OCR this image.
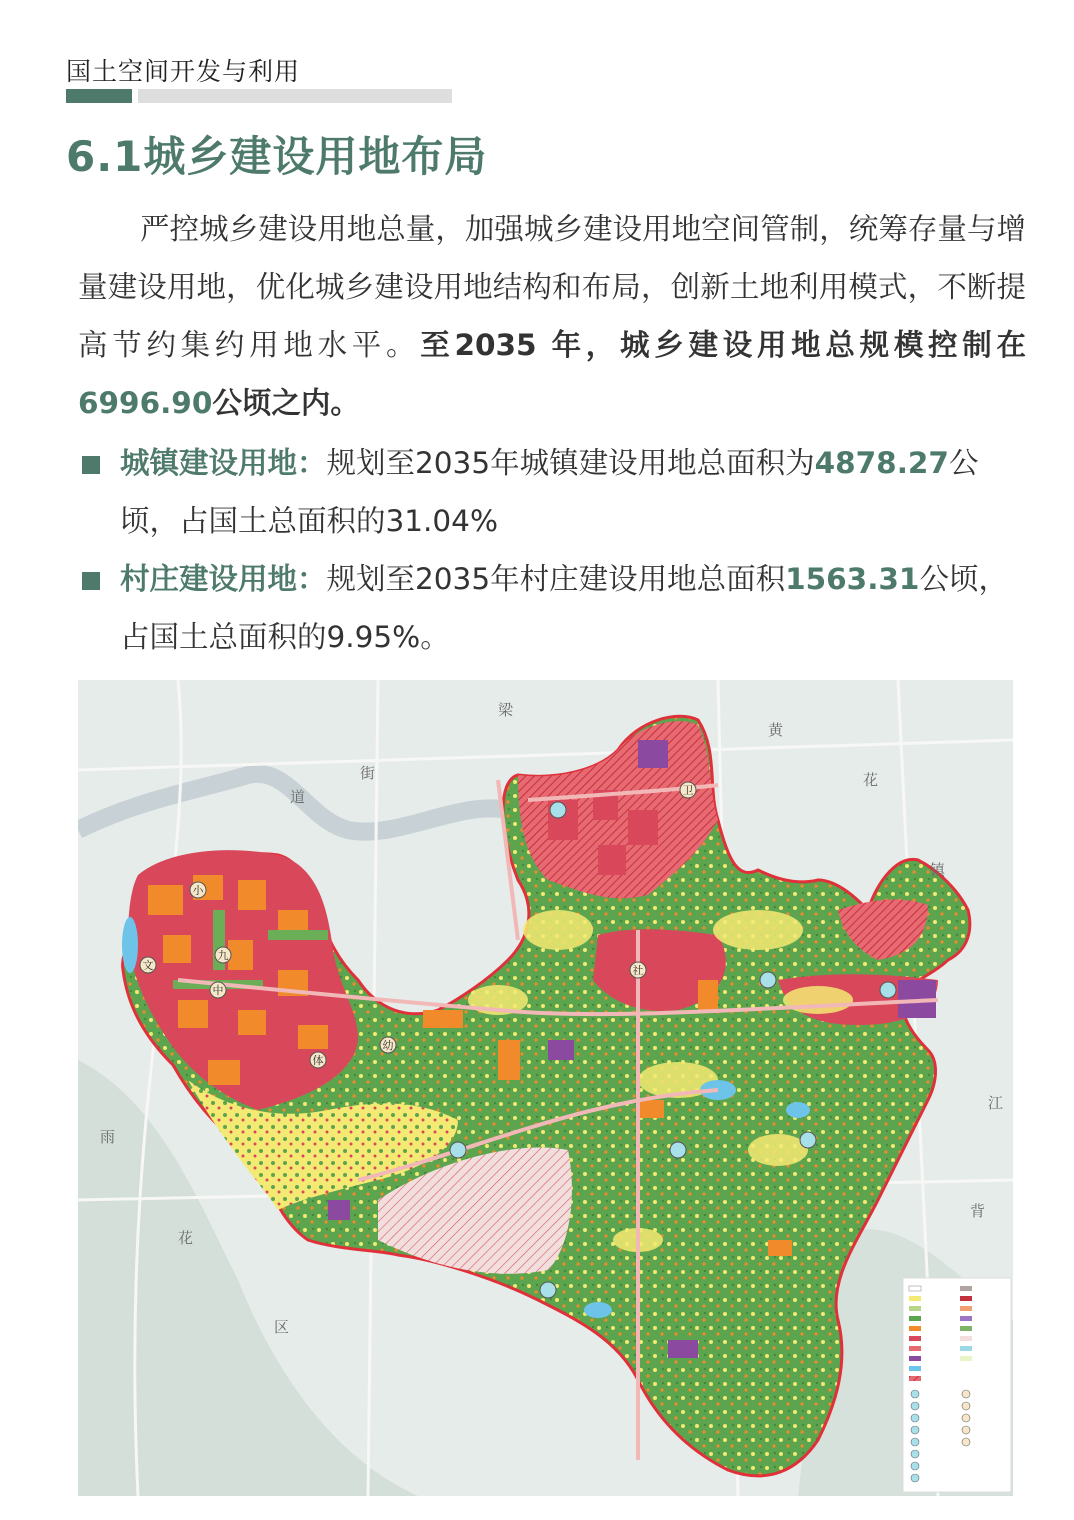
国土空间开发与利用
6.1城乡建设用地布局
严控城乡建设用地总量，加强城乡建设用地空间管制，统筹存量与增量建设用地，优化城乡建设用地结构和布局，创新土地利用模式，不断提高节约集约用地水平。至2035 年，城乡建设用地总规模控制在6996.90公顷之内。
城镇建设用地：规划至2035年城镇建设用地总面积为4878.27公顷，占国土总面积的31.04%
村庄建设用地：规划至2035年村庄建设用地总面积1563.31公顷，占国土总面积的9.95%。
小
中
文
体
幼
九
卫
社
梁
黄
花
镇
街
道
江
背
雨
花
区
